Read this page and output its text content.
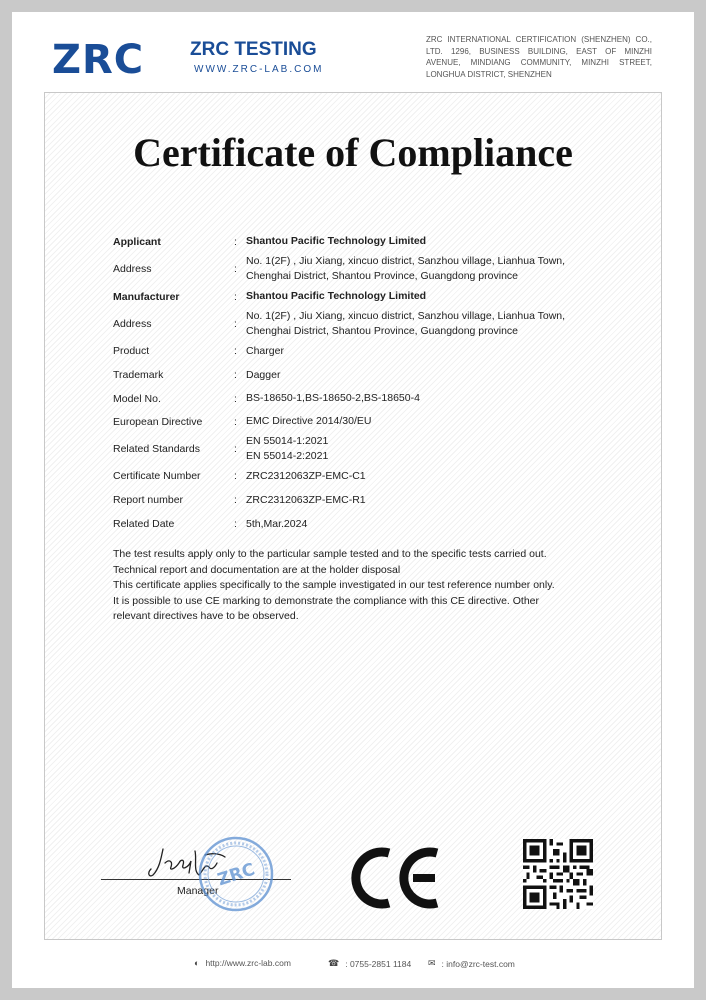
ZRC ZRC TESTING
WWW.ZRC-LAB.COM
ZRC INTERNATIONAL CERTIFICATION (SHENZHEN) CO., LTD. 1296, BUSINESS BUILDING, EAST OF MINZHI AVENUE, MINDIANG COMMUNITY, MINZHI STREET, LONGHUA DISTRICT, SHENZHEN
Certificate of Compliance
Applicant	: Shantou Pacific Technology Limited
Address	:
No. 1(2F) , Jiu Xiang, xincuo district, Sanzhou village, Lianhua Town,
Chenghai District, Shantou Province, Guangdong province
Manufacturer	: Shantou Pacific Technology Limited
Address	:
No. 1(2F) , Jiu Xiang, xincuo district, Sanzhou village, Lianhua Town,
Chenghai District, Shantou Province, Guangdong province
Product	: Charger
Trademark	: Dagger
Model No.	: BS-18650-1,BS-18650-2,BS-18650-4
European Directive	: EMC Directive 2014/30/EU
Related Standards	:
EN 55014-1:2021
EN 55014-2:2021
Certificate Number	: ZRC2312063ZP-EMC-C1
Report number	: ZRC2312063ZP-EMC-R1
Related Date	: 5th,Mar.2024
The test results apply only to the particular sample tested and to the specific tests carried out.
Technical report and documentation are at the holder disposal
This certificate applies specifically to the sample investigated in our test reference number only.
It is possible to use CE marking to demonstrate the compliance with this CE directive. Other
relevant directives have to be observed.
Manager
ZRC
◐ http://www.zrc-lab.com	☎ : 0755-2851 1184 ✉ : info@zrc-test.com
